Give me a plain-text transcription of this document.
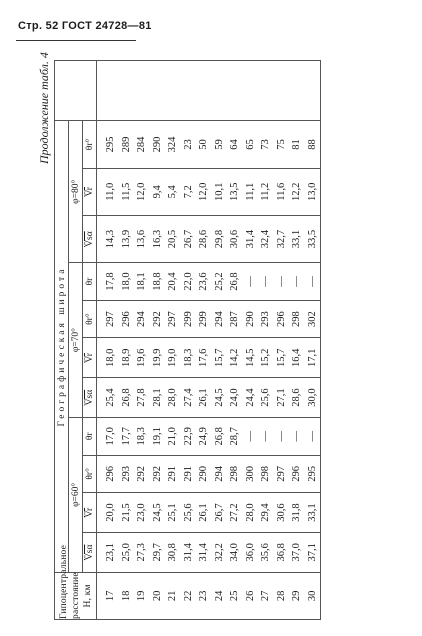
Стр. 52 ГОСТ 24728—81
Продолжение табл. 4
Гипоцентральное расстояние Н, км	Географическая широта											
	φ=60°				φ=70°				φ=80°			
	V̄sα	V̄r	θr°	θr	V̄sα	V̄r	θr°	θr	V̄sα	V̄r	θr°	
17	23,1	20,0	296	17,0	25,4	18,0	297	17,8	14,3	11,0	295	
18	25,0	21,5	293	17,7	26,8	18,9	296	18,0	13,9	11,5	289	
19	27,3	23,0	292	18,3	27,8	19,6	294	18,1	13,6	12,0	284	
20	29,7	24,5	292	19,1	28,1	19,9	292	18,8	16,3	9,4	290	
21	30,8	25,1	291	21,0	28,0	19,0	297	20,4	20,5	5,4	324	
22	31,4	25,6	291	22,9	27,4	18,3	299	22,0	26,7	7,2	23	
23	31,4	26,1	290	24,9	26,1	17,6	299	23,6	28,6	12,0	50	
24	32,2	26,7	294	26,8	24,5	15,7	294	25,2	29,8	10,1	59	
25	34,0	27,2	298	28,7	24,0	14,2	287	26,8	30,6	13,5	64	
26	36,0	28,0	300	—	24,4	14,5	290	—	31,4	11,1	65	
27	35,6	29,4	298	—	25,6	15,2	293	—	32,4	11,2	73	
28	36,8	30,6	297	—	27,1	15,7	296	—	32,7	11,6	75	
29	37,0	31,8	296	—	28,6	16,4	298	—	33,1	12,2	81	
30	37,1	33,1	295	—	30,0	17,1	302	—	33,5	13,0	88	
